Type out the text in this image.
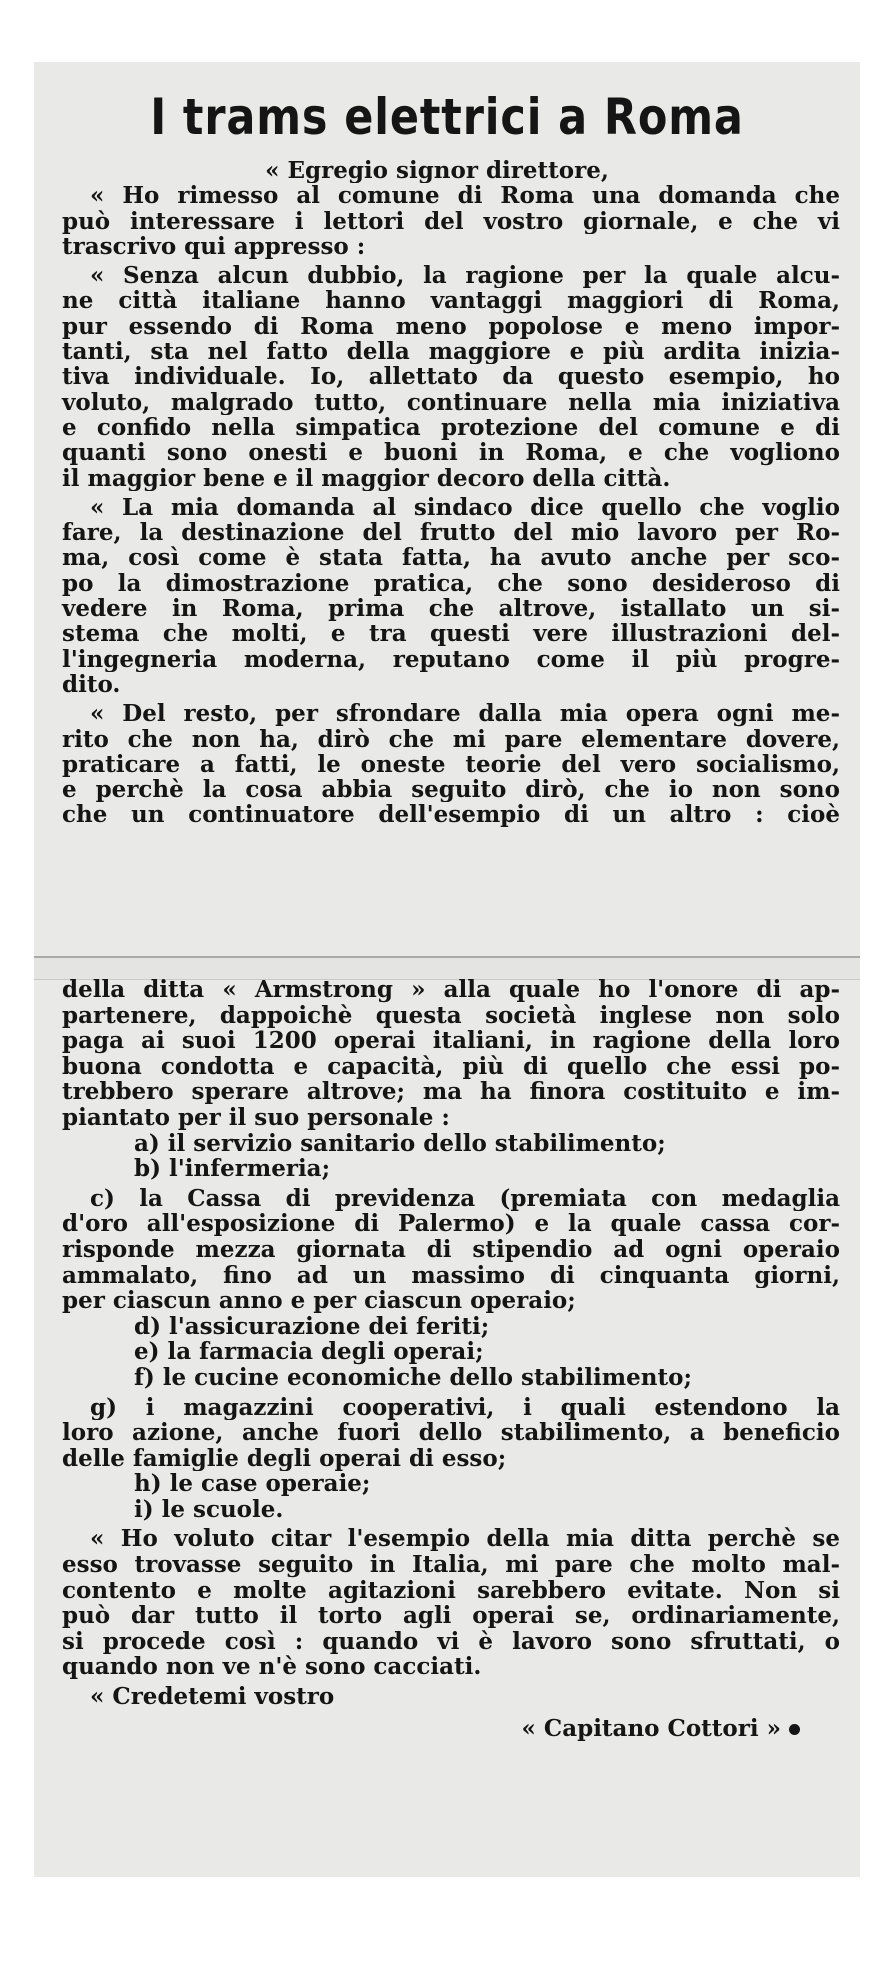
I trams elettrici a Roma
« Egregio signor direttore,
« Ho rimesso al comune di Roma una domanda che
può interessare i lettori del vostro giornale, e che vi
trascrivo qui appresso :
« Senza alcun dubbio, la ragione per la quale alcu-
ne città italiane hanno vantaggi maggiori di Roma,
pur essendo di Roma meno popolose e meno impor-
tanti, sta nel fatto della maggiore e più ardita inizia-
tiva individuale. Io, allettato da questo esempio, ho
voluto, malgrado tutto, continuare nella mia iniziativa
e confido nella simpatica protezione del comune e di
quanti sono onesti e buoni in Roma, e che vogliono
il maggior bene e il maggior decoro della città.
« La mia domanda al sindaco dice quello che voglio
fare, la destinazione del frutto del mio lavoro per Ro-
ma, così come è stata fatta, ha avuto anche per sco-
po la dimostrazione pratica, che sono desideroso di
vedere in Roma, prima che altrove, istallato un si-
stema che molti, e tra questi vere illustrazioni del-
l'ingegneria moderna, reputano come il più progre-
dito.
« Del resto, per sfrondare dalla mia opera ogni me-
rito che non ha, dirò che mi pare elementare dovere,
praticare a fatti, le oneste teorie del vero socialismo,
e perchè la cosa abbia seguito dirò, che io non sono
che un continuatore dell'esempio di un altro : cioè
della ditta « Armstrong » alla quale ho l'onore di ap-
partenere, dappoichè questa società inglese non solo
paga ai suoi 1200 operai italiani, in ragione della loro
buona condotta e capacità, più di quello che essi po-
trebbero sperare altrove; ma ha finora costituito e im-
piantato per il suo personale :
a) il servizio sanitario dello stabilimento;
b) l'infermeria;
c) la Cassa di previdenza (premiata con medaglia
d'oro all'esposizione di Palermo) e la quale cassa cor-
risponde mezza giornata di stipendio ad ogni operaio
ammalato, fino ad un massimo di cinquanta giorni,
per ciascun anno e per ciascun operaio;
d) l'assicurazione dei feriti;
e) la farmacia degli operai;
f) le cucine economiche dello stabilimento;
g) i magazzini cooperativi, i quali estendono la
loro azione, anche fuori dello stabilimento, a beneficio
delle famiglie degli operai di esso;
h) le case operaie;
i) le scuole.
« Ho voluto citar l'esempio della mia ditta perchè se
esso trovasse seguito in Italia, mi pare che molto mal-
contento e molte agitazioni sarebbero evitate. Non si
può dar tutto il torto agli operai se, ordinariamente,
si procede così : quando vi è lavoro sono sfruttati, o
quando non ve n'è sono cacciati.
« Credetemi vostro
« Capitano Cottori »
